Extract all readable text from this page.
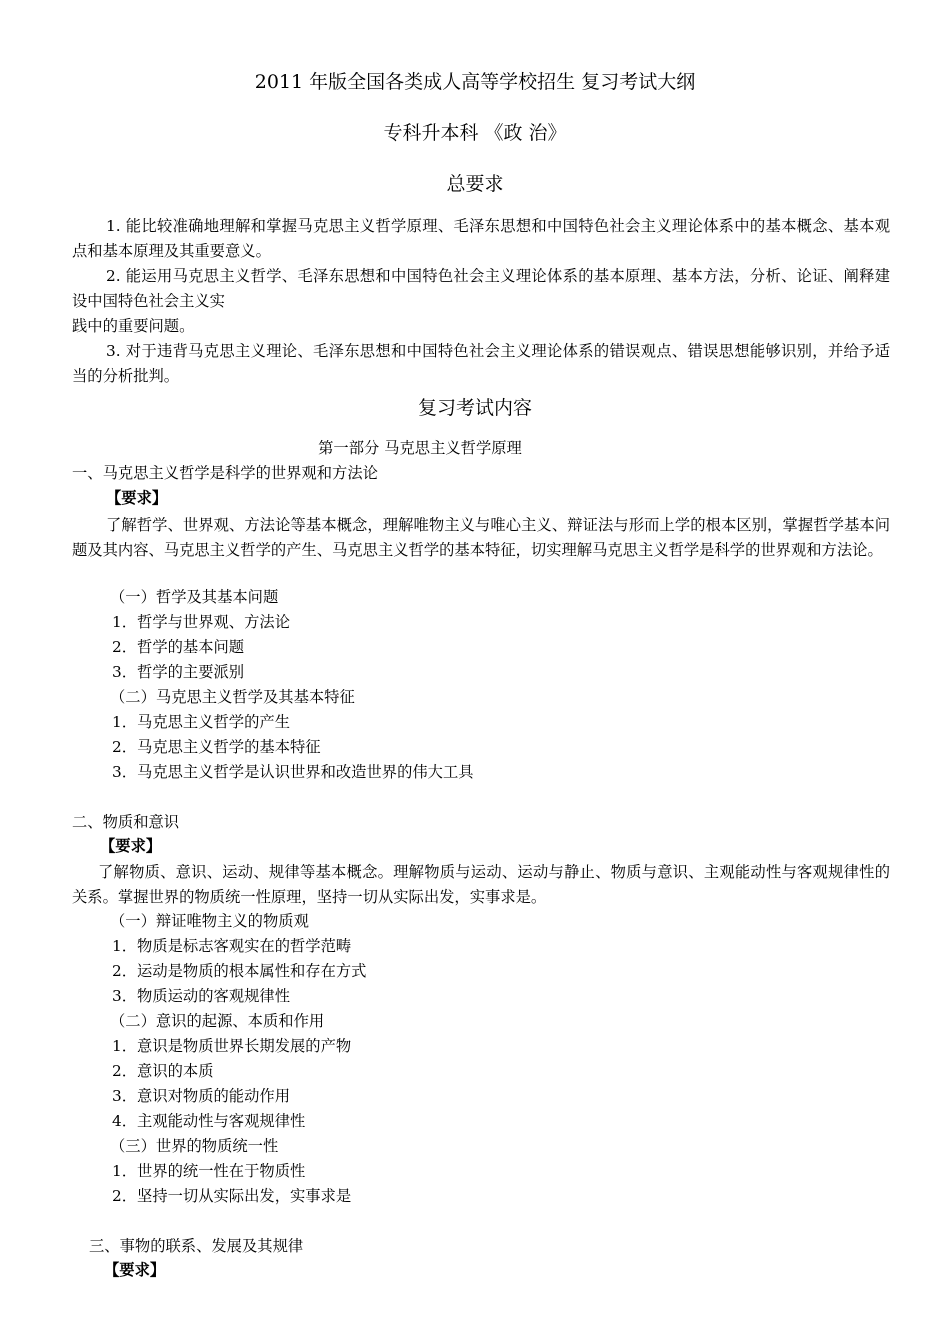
2011 年版全国各类成人高等学校招生 复习考试大纲
专科升本科 《政 治》
总要求
1. 能比较准确地理解和掌握马克思主义哲学原理、毛泽东思想和中国特色社会主义理论体系中的基本概念、基本观点和基本原理及其重要意义。
2. 能运用马克思主义哲学、毛泽东思想和中国特色社会主义理论体系的基本原理、基本方法，分析、论证、阐释建设中国特色社会主义实
践中的重要问题。
3. 对于违背马克思主义理论、毛泽东思想和中国特色社会主义理论体系的错误观点、错误思想能够识别，并给予适当的分析批判。
复习考试内容
第一部分 马克思主义哲学原理
一、马克思主义哲学是科学的世界观和方法论
【要求】
了解哲学、世界观、方法论等基本概念，理解唯物主义与唯心主义、辩证法与形而上学的根本区别，掌握哲学基本问题及其内容、马克思主义哲学的产生、马克思主义哲学的基本特征，切实理解马克思主义哲学是科学的世界观和方法论。
（一）哲学及其基本问题
1．哲学与世界观、方法论
2．哲学的基本问题
3．哲学的主要派别
（二）马克思主义哲学及其基本特征
1．马克思主义哲学的产生
2．马克思主义哲学的基本特征
3．马克思主义哲学是认识世界和改造世界的伟大工具
二、物质和意识
【要求】
了解物质、意识、运动、规律等基本概念。理解物质与运动、运动与静止、物质与意识、主观能动性与客观规律性的关系。掌握世界的物质统一性原理，坚持一切从实际出发，实事求是。
（一）辩证唯物主义的物质观
1．物质是标志客观实在的哲学范畴
2．运动是物质的根本属性和存在方式
3．物质运动的客观规律性
（二）意识的起源、本质和作用
1．意识是物质世界长期发展的产物
2．意识的本质
3．意识对物质的能动作用
4．主观能动性与客观规律性
（三）世界的物质统一性
1．世界的统一性在于物质性
2．坚持一切从实际出发，实事求是
三、事物的联系、发展及其规律
【要求】
